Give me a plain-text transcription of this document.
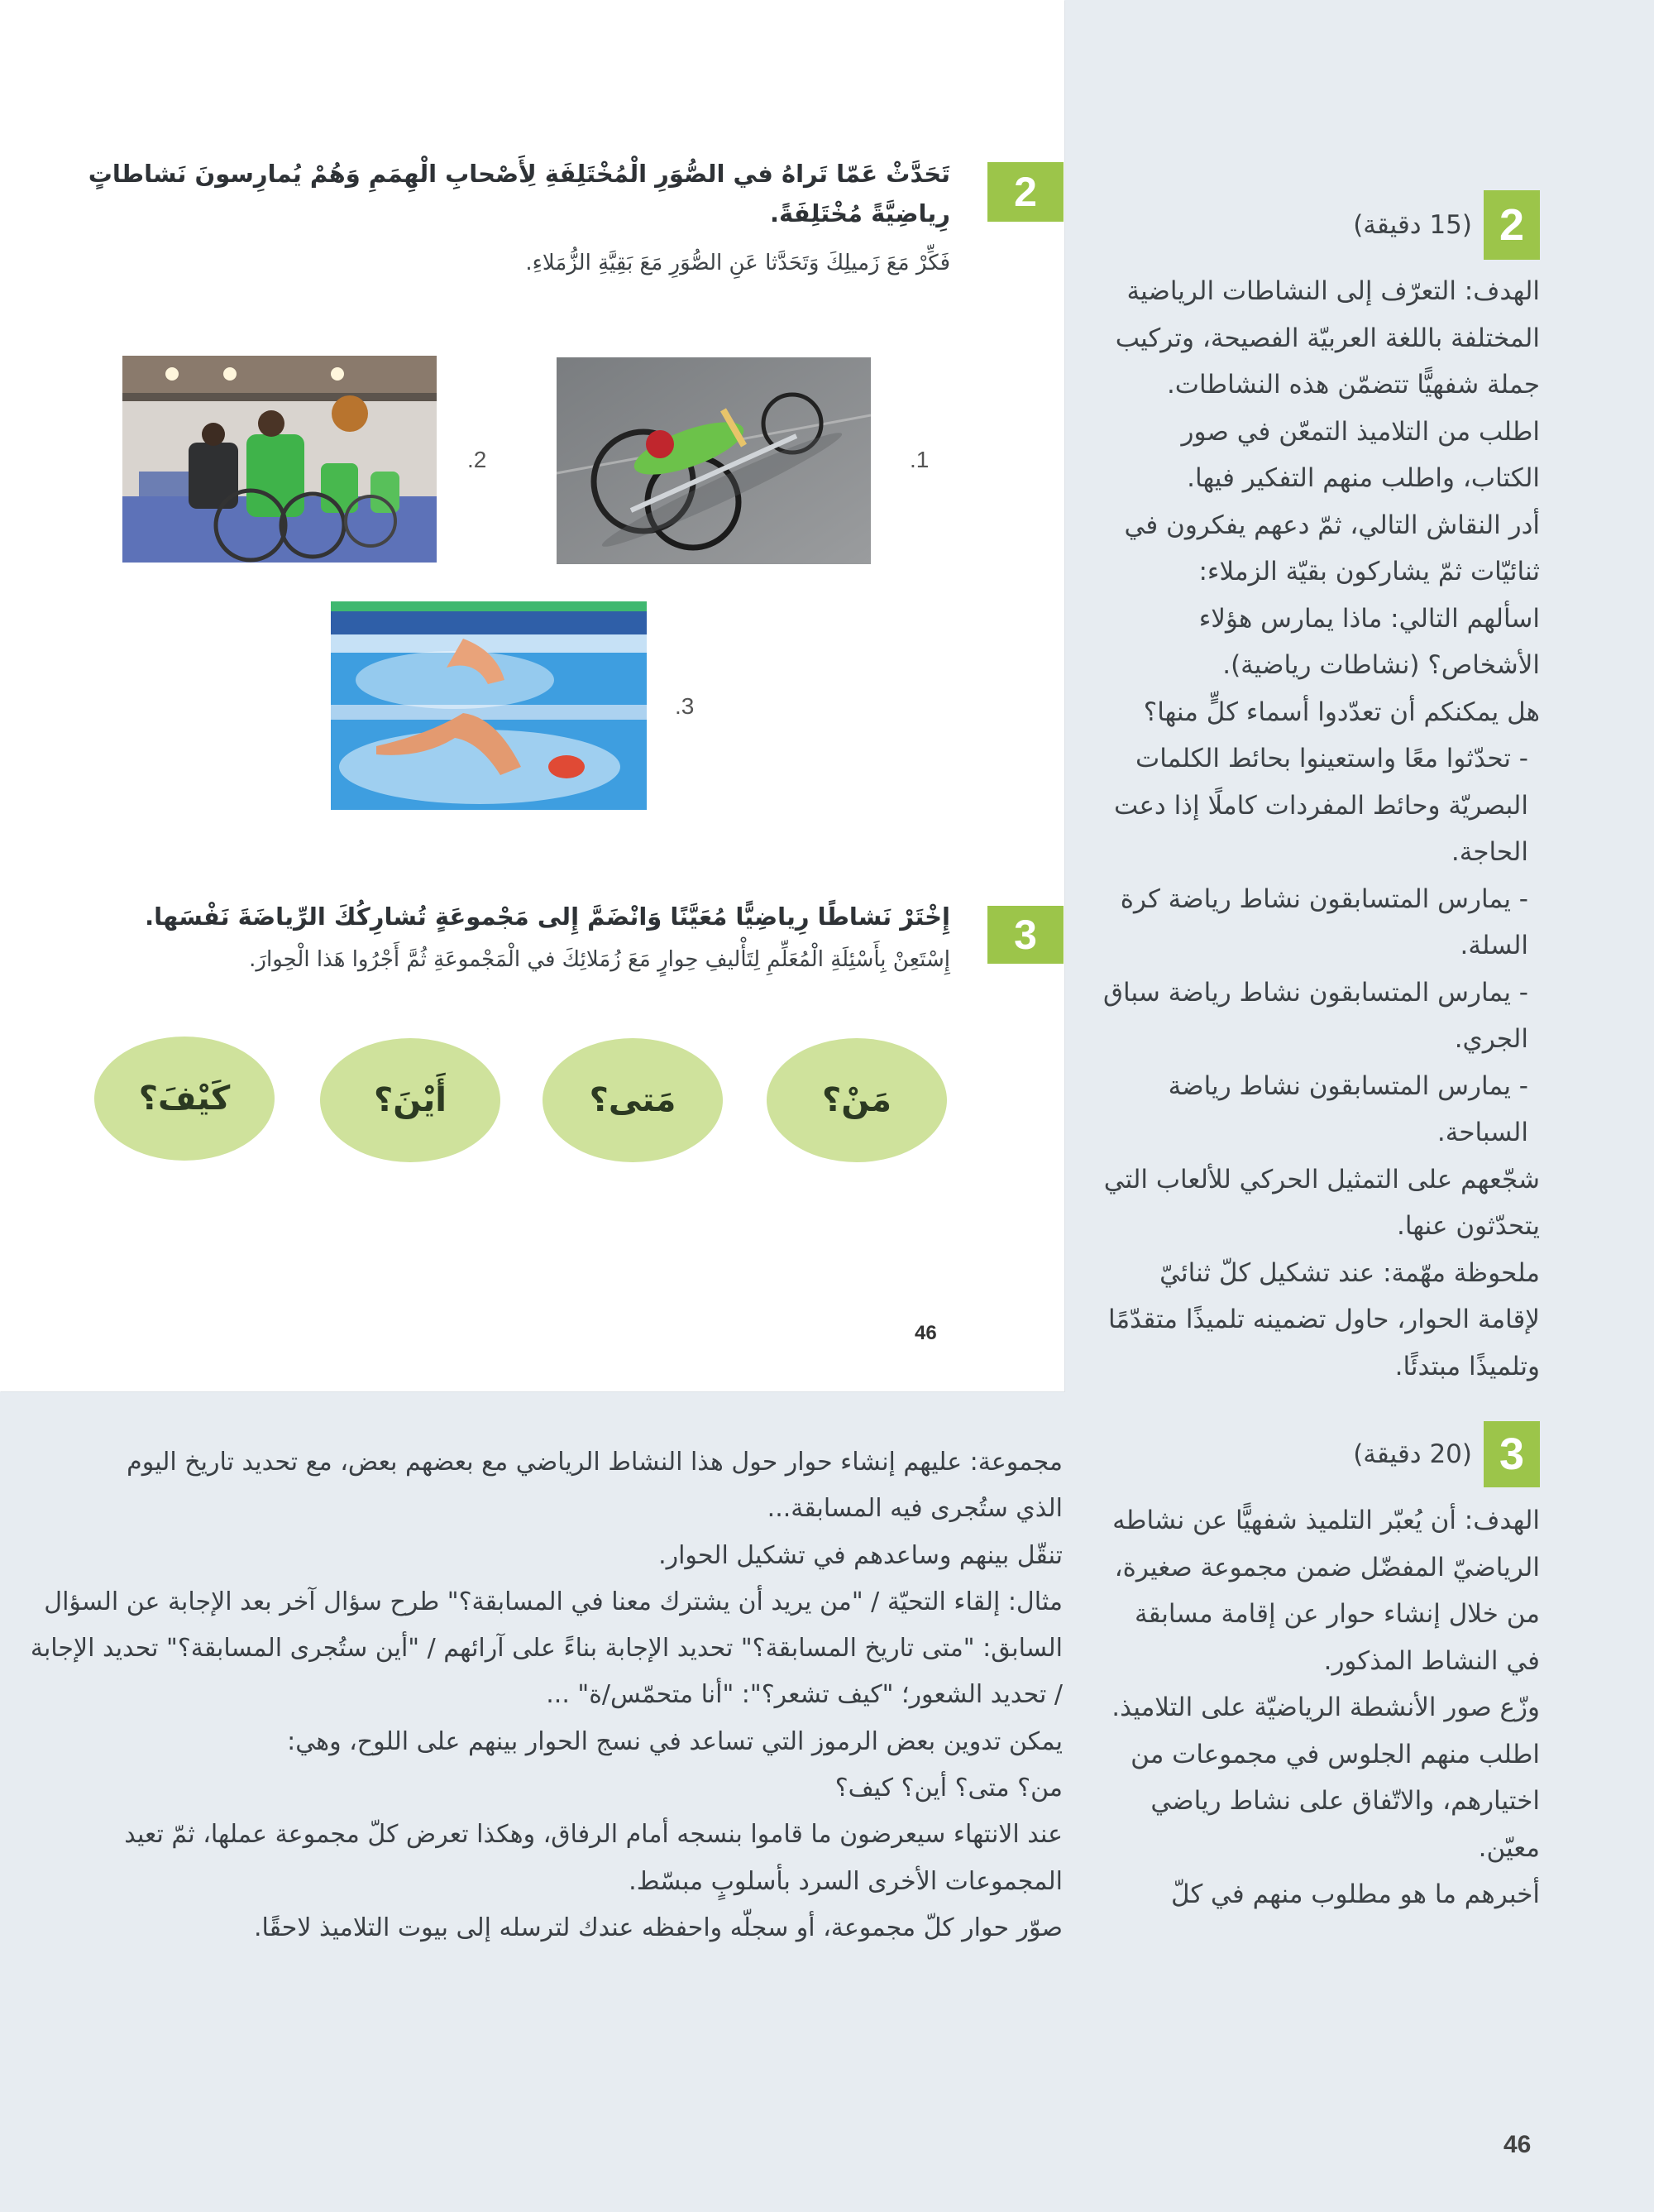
2
تَحَدَّثْ عَمّا تَراهُ في الصُّوَرِ الْمُخْتَلِفَةِ لِأَصْحابِ الْهِمَمِ وَهُمْ يُمارِسونَ نَشاطاتٍ رِياضِيَّةً مُخْتَلِفَةً.
فَكِّرْ مَعَ زَميلِكَ وَتَحَدَّثا عَنِ الصُّوَرِ مَعَ بَقِيَّةِ الزُّمَلاءِ.
.1
.2
.3
3
إِخْتَرْ نَشاطًا رِياضِيًّا مُعَيَّنًا وَانْضَمَّ إِلى مَجْموعَةٍ تُشارِكُكَ الرِّياضَةَ نَفْسَها.
إِسْتَعِنْ بِأَسْئِلَةِ الْمُعَلِّمِ لِتَأْليفِ حِوارٍ مَعَ زُمَلائِكَ في الْمَجْموعَةِ ثُمَّ أَجْرُوا هَذا الْحِوارَ.
مَنْ؟
مَتى؟
أَيْنَ؟
كَيْفَ؟
46
2
(15 دقيقة)

الهدف: التعرّف إلى النشاطات الرياضية المختلفة باللغة العربيّة الفصيحة، وتركيب جملة شفهيًّا تتضمّن هذه النشاطات.

اطلب من التلاميذ التمعّن في صور الكتاب، واطلب منهم التفكير فيها.

أدر النقاش التالي، ثمّ دعهم يفكرون في ثنائيّات ثمّ يشاركون بقيّة الزملاء:

اسألهم التالي: ماذا يمارس هؤلاء الأشخاص؟ (نشاطات رياضية).

هل يمكنكم أن تعدّدوا أسماء كلٍّ منها؟

- تحدّثوا معًا واستعينوا بحائط الكلمات البصريّة وحائط المفردات كاملًا إذا دعت الحاجة.

- يمارس المتسابقون نشاط رياضة كرة السلة.

- يمارس المتسابقون نشاط رياضة سباق الجري.

- يمارس المتسابقون نشاط رياضة السباحة.

شجّعهم على التمثيل الحركي للألعاب التي يتحدّثون عنها.

ملحوظة مهّمة: عند تشكيل كلّ ثنائيّ لإقامة الحوار، حاول تضمينه تلميذًا متقدّمًا وتلميذًا مبتدئًا.

3
(20 دقيقة)

الهدف: أن يُعبّر التلميذ شفهيًّا عن نشاطه الرياضيّ المفضّل ضمن مجموعة صغيرة، من خلال إنشاء حوار عن إقامة مسابقة في النشاط المذكور.

وزّع صور الأنشطة الرياضيّة على التلاميذ.

اطلب منهم الجلوس في مجموعات من اختيارهم، والاتّفاق على نشاط رياضي معيّن.

أخبرهم ما هو مطلوب منهم في كلّ

مجموعة: عليهم إنشاء حوار حول هذا النشاط الرياضي مع بعضهم بعض، مع تحديد تاريخ اليوم
الذي ستُجرى فيه المسابقة...
تنقّل بينهم وساعدهم في تشكيل الحوار.
مثال: إلقاء التحيّة / "من يريد أن يشترك معنا في المسابقة؟" طرح سؤال آخر بعد الإجابة عن السؤال
السابق: "متى تاريخ المسابقة؟" تحديد الإجابة بناءً على آرائهم / "أين ستُجرى المسابقة؟" تحديد الإجابة
/ تحديد الشعور؛ "كيف تشعر؟": "أنا متحمّس/ة" ...
يمكن تدوين بعض الرموز التي تساعد في نسج الحوار بينهم على اللوح، وهي:
من؟ متى؟ أين؟ كيف؟
عند الانتهاء سيعرضون ما قاموا بنسجه أمام الرفاق، وهكذا تعرض كلّ مجموعة عملها، ثمّ تعيد
المجموعات الأخرى السرد بأسلوبٍ مبسّط.
صوّر حوار كلّ مجموعة، أو سجلّه واحفظه عندك لترسله إلى بيوت التلاميذ لاحقًا.
46
